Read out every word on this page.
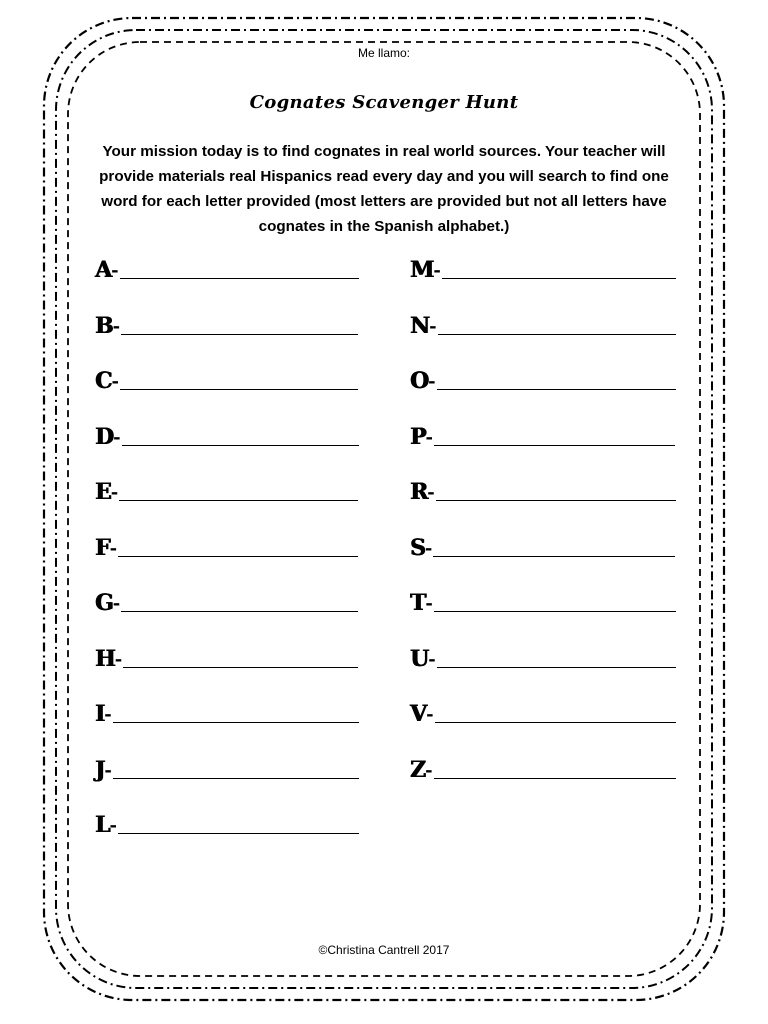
Me llamo:
Cognates Scavenger Hunt
Your mission today is to find cognates in real world sources. Your teacher will provide materials real Hispanics read every day and you will search to find one word for each letter provided (most letters are provided but not all letters have cognates in the Spanish alphabet.)
A -
B -
C -
D -
E -
F -
G -
H -
I -
J -
L -
M -
N -
O -
P -
R -
S -
T -
U -
V -
Z -
©Christina Cantrell 2017
